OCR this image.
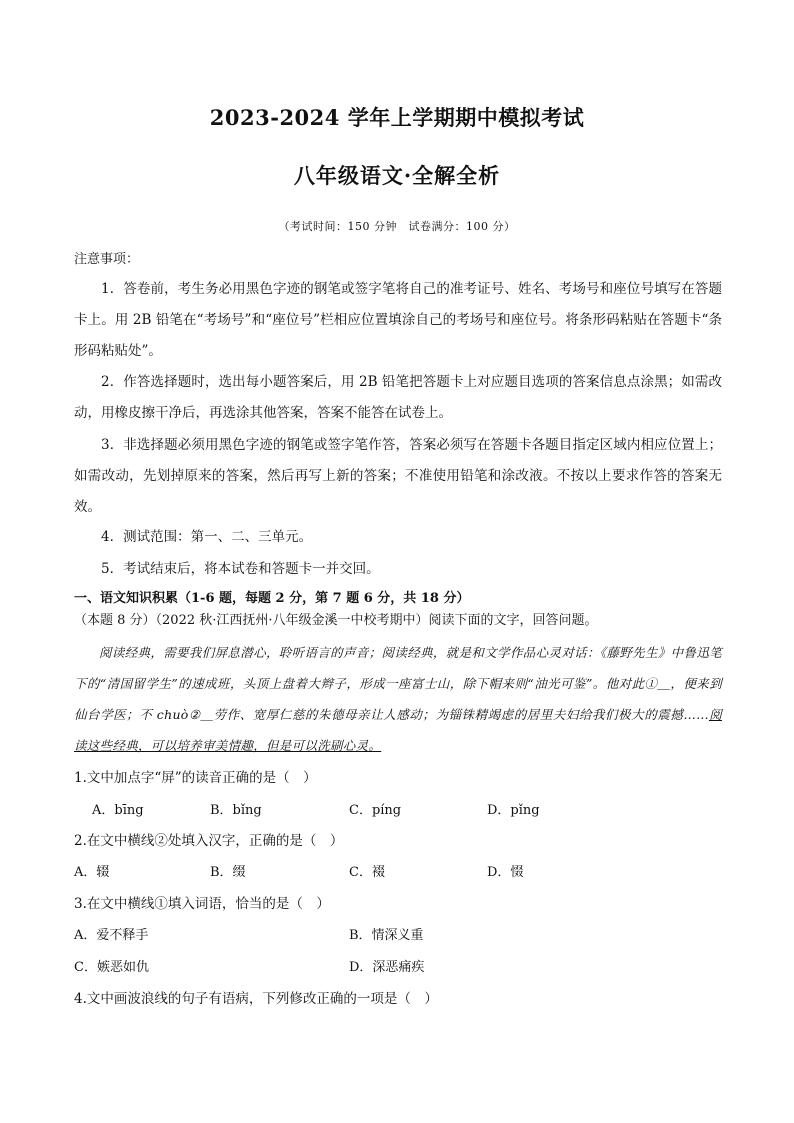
2023-2024 学年上学期期中模拟考试
八年级语文·全解全析
（考试时间：150 分钟　试卷满分：100 分）
注意事项：
1．答卷前，考生务必用黑色字迹的钢笔或签字笔将自己的准考证号、姓名、考场号和座位号填写在答题卡上。用 2B 铅笔在“考场号”和“座位号”栏相应位置填涂自己的考场号和座位号。将条形码粘贴在答题卡“条形码粘贴处”。
2．作答选择题时，选出每小题答案后，用 2B 铅笔把答题卡上对应题目选项的答案信息点涂黑；如需改动，用橡皮擦干净后，再选涂其他答案，答案不能答在试卷上。
3．非选择题必须用黑色字迹的钢笔或签字笔作答，答案必须写在答题卡各题目指定区域内相应位置上；如需改动，先划掉原来的答案，然后再写上新的答案；不准使用铅笔和涂改液。不按以上要求作答的答案无效。
4．测试范围：第一、二、三单元。
5．考试结束后，将本试卷和答题卡一并交回。
一、语文知识积累（1-6 题，每题 2 分，第 7 题 6 分，共 18 分）
（本题 8 分）（2022 秋·江西抚州·八年级金溪一中校考期中）阅读下面的文字，回答问题。
阅读经典，需要我们屏息潜心，聆听语言的声音；阅读经典，就是和文学作品心灵对话：《藤野先生》中鲁迅笔下的“清国留学生”的速成班，头顶上盘着大辫子，形成一座富士山，除下帽来则“油光可鉴”。他对此①＿，便来到仙台学医；不 chuò②＿劳作、宽厚仁慈的朱德母亲让人感动；为锱铢精竭虑的居里夫妇给我们极大的震撼……阅读这些经典，可以培养审美情趣，但是可以洗刷心灵。
1.文中加点字“屏”的读音正确的是（　）
A．bīng	B．bǐng	C．píng	D．pǐng
2.在文中横线②处填入汉字，正确的是（　）
A．辍	B．缀	C．裰	D．惙
3.在文中横线①填入词语，恰当的是（　）
A．爱不释手	B．情深义重
C．嫉恶如仇	D．深恶痛疾
4.文中画波浪线的句子有语病，下列修改正确的一项是（　）
